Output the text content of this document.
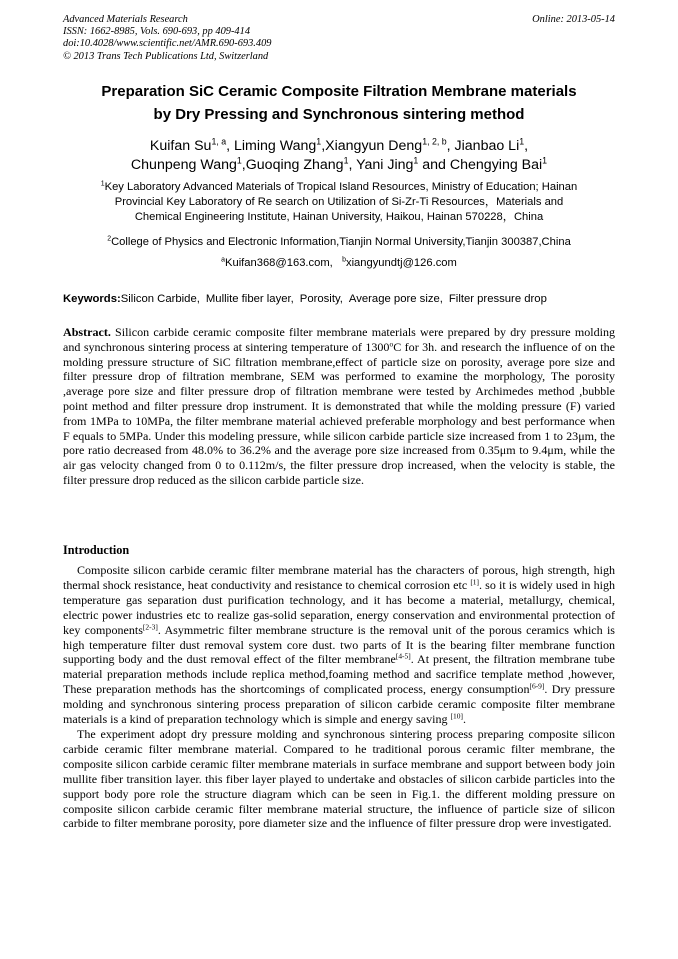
Advanced Materials Research
ISSN: 1662-8985, Vols. 690-693, pp 409-414
doi:10.4028/www.scientific.net/AMR.690-693.409
© 2013 Trans Tech Publications Ltd, Switzerland
Online: 2013-05-14
Preparation SiC Ceramic Composite Filtration Membrane materials
by Dry Pressing and Synchronous sintering method
Kuifan Su$^{1, a}$, Liming Wang$^1$,Xiangyun Deng$^{1, 2, b}$, Jianbao Li$^1$,
Chunpeng Wang$^1$,Guoqing Zhang$^1$, Yani Jing$^1$ and Chengying Bai$^1$
$^1$Key Laboratory Advanced Materials of Tropical Island Resources, Ministry of Education; Hainan
Provincial Key Laboratory of Re search on Utilization of Si-Zr-Ti Resources，Materials and
Chemical Engineering Institute, Hainan University, Haikou, Hainan 570228，China
$^2$College of Physics and Electronic Information,Tianjin Normal University,Tianjin 300387,China
$^a$Kuifan368@163.com, $^b$xiangyundtj@126.com
Keywords:Silicon Carbide, Mullite fiber layer, Porosity, Average pore size, Filter pressure drop
Abstract. Silicon carbide ceramic composite filter membrane materials were prepared by dry pressure molding and synchronous sintering process at sintering temperature of 1300$^o$C for 3h. and research the influence of on the molding pressure structure of SiC filtration membrane,effect of particle size on porosity, average pore size and filter pressure drop of filtration membrane, SEM was performed to examine the morphology, The porosity ,average pore size and filter pressure drop of filtration membrane were tested by Archimedes method ,bubble point method and filter pressure drop instrument. It is demonstrated that while the molding pressure (F) varied from 1MPa to 10MPa, the filter membrane material achieved preferable morphology and best performance when F equals to 5MPa. Under this modeling pressure, while silicon carbide particle size increased from 1 to 23μm, the pore ratio decreased from 48.0% to 36.2% and the average pore size increased from 0.35μm to 9.4μm, while the air gas velocity changed from 0 to 0.112m/s, the filter pressure drop increased, when the velocity is stable, the filter pressure drop reduced as the silicon carbide particle size.
Introduction

Composite silicon carbide ceramic filter membrane material has the characters of porous, high strength, high thermal shock resistance, heat conductivity and resistance to chemical corrosion etc [1]. so it is widely used in high temperature gas separation dust purification technology, and it has become a material, metallurgy, chemical, electric power industries etc to realize gas-solid separation, energy conservation and environmental protection of key components[2-3]. Asymmetric filter membrane structure is the removal unit of the porous ceramics which is high temperature filter dust removal system core dust. two parts of It is the bearing filter membrane function supporting body and the dust removal effect of the filter membrane[4-5]. At present, the filtration membrane tube material preparation methods include replica method,foaming method and sacrifice template method ,however, These preparation methods has the shortcomings of complicated process, energy consumption[6-9]. Dry pressure molding and synchronous sintering process preparation of silicon carbide ceramic composite filter membrane materials is a kind of preparation technology which is simple and energy saving [10].

The experiment adopt dry pressure molding and synchronous sintering process preparing composite silicon carbide ceramic filter membrane material. Compared to he traditional porous ceramic filter membrane, the composite silicon carbide ceramic filter membrane materials in surface membrane and support between body join mullite fiber transition layer. this fiber layer played to undertake and obstacles of silicon carbide particles into the support body pore role the structure diagram which can be seen in Fig.1. the different molding pressure on composite silicon carbide ceramic filter membrane material structure, the influence of particle size of silicon carbide to filter membrane porosity, pore diameter size and the influence of filter pressure drop were investigated.
